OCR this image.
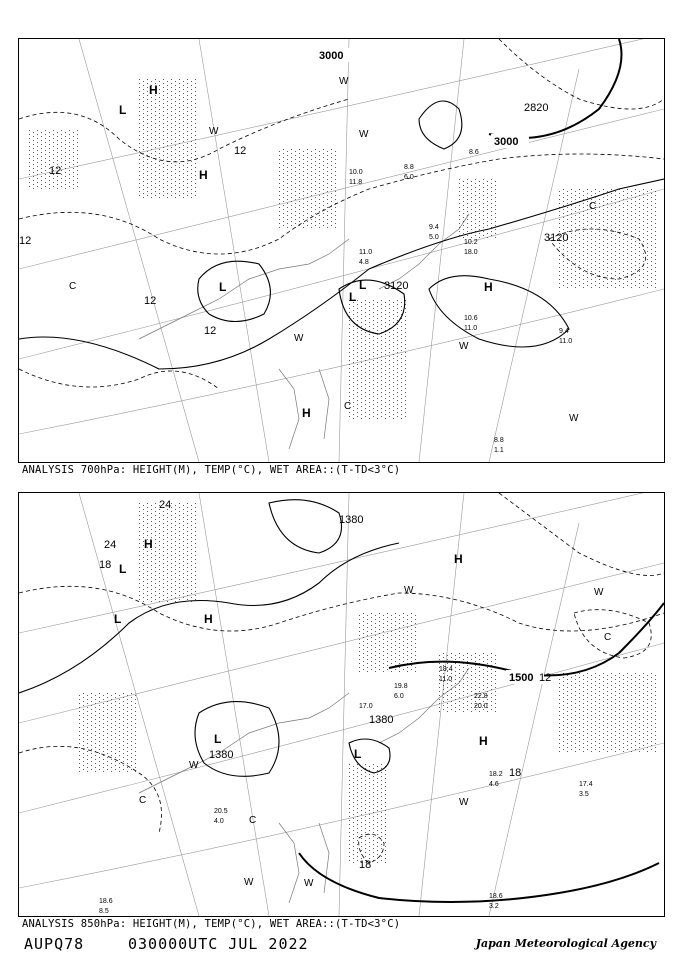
3000
3000
2820
3120
3120
12
12
12
12
12
H
H
H
H
L
L
L
L
C
C
C
W
W
W
W
W
W
10.6
11.0	9.4
11.0
10.2
18.0
8.8
1.1
10.0
11.8
11.0
4.8
9.4
5.0
8.8
6.0
8.6
ANALYSIS 700hPa: HEIGHT(M), TEMP(°C), WET AREA::(T-TD<3°C)
1500
1380
1380
1380
24
24
18
18
12
18
H
H
H
H
L
L
L
L
C
C
C
W
W
W
W
W	W
18.2
4.6	17.4
3.5
18.6
3.2
18.6
8.5
19.4
11.0
22.8
20.0
20.5
4.0
19.8
6.0
17.0
ANALYSIS 850hPa: HEIGHT(M), TEMP(°C), WET AREA::(T-TD<3°C)
AUPQ78	030000UTC JUL 2022	Japan Meteorological Agency
